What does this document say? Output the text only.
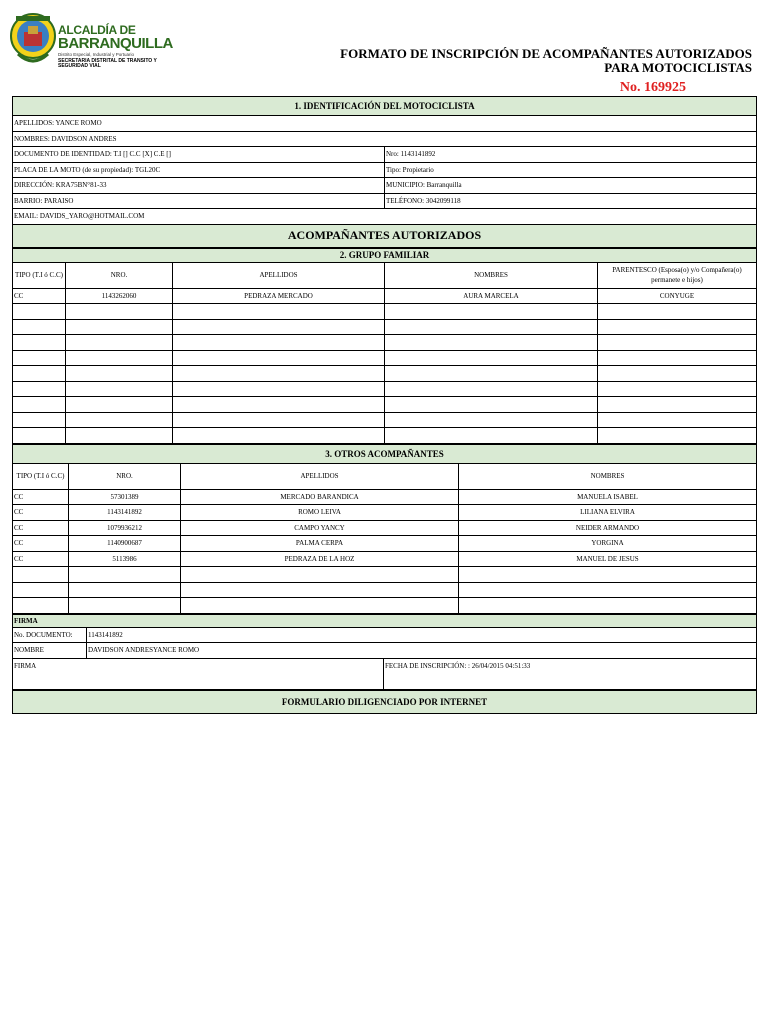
ALCALDÍA DE
BARRANQUILLA
Distrito Especial, Industrial y Portuario
SECRETARIA DISTRITAL DE TRANSITO Y
SEGURIDAD VIAL
FORMATO DE INSCRIPCIÓN DE ACOMPAÑANTES AUTORIZADOS
PARA MOTOCICLISTAS
No. 169925
1. IDENTIFICACIÓN DEL MOTOCICLISTA	
APELLIDOS: YANCE ROMO	
NOMBRES: DAVIDSON ANDRES	
DOCUMENTO DE IDENTIDAD: T.I [] C.C [X] C.E []	Nro: 1143141892
PLACA DE LA MOTO (de su propiedad): TGL20C	Tipo: Propietario
DIRECCIÓN: KRA75BN°81-33	MUNICIPIO: Barranquilla
BARRIO: PARAISO	TELÉFONO: 3042099118
EMAIL: DAVIDS_YARO@HOTMAIL.COM	
ACOMPAÑANTES AUTORIZADOS	
2. GRUPO FAMILIAR				
TIPO (T.I ó C.C)	NRO.	APELLIDOS	NOMBRES	PARENTESCO (Esposa(o) y/o Compañera(o) permanete e hijos)
CC	1143262060	PEDRAZA MERCADO	AURA MARCELA	CONYUGE

3. OTROS ACOMPAÑANTES			
TIPO (T.I ó C.C)	NRO.	APELLIDOS	NOMBRES
CC	57301389	MERCADO BARANDICA	MANUELA ISABEL
CC	1143141892	ROMO LEIVA	LILIANA ELVIRA
CC	1079936212	CAMPO YANCY	NEIDER ARMANDO
CC	1140900687	PALMA CERPA	YORGINA
CC	5113986	PEDRAZA DE LA HOZ	MANUEL DE JESUS

FIRMA		
No. DOCUMENTO:	1143141892	
NOMBRE	DAVIDSON ANDRESYANCE ROMO	
FIRMA		FECHA DE INSCRIPCIÓN: : 26/04/2015 04:51:33
FORMULARIO DILIGENCIADO POR INTERNET		
